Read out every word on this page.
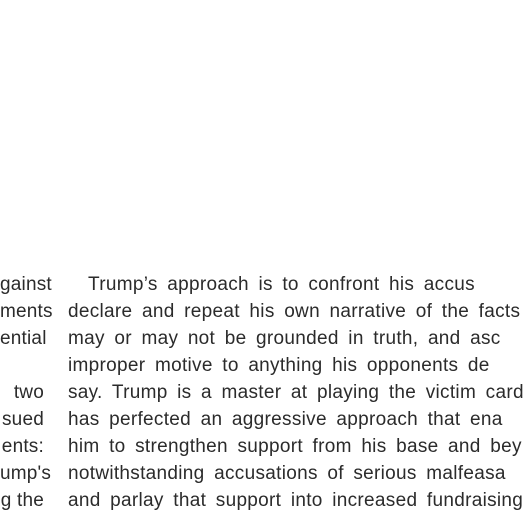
gainst
ments
ential
two
sued
ents:
ump's
g the
Trump’s approach is to confront his accus
declare and repeat his own narrative of the facts
may or may not be grounded in truth, and asc
improper motive to anything his opponents de
say. Trump is a master at playing the victim card
has perfected an aggressive approach that ena
him to strengthen support from his base and bey
notwithstanding accusations of serious malfeasa
and parlay that support into increased fundraising
